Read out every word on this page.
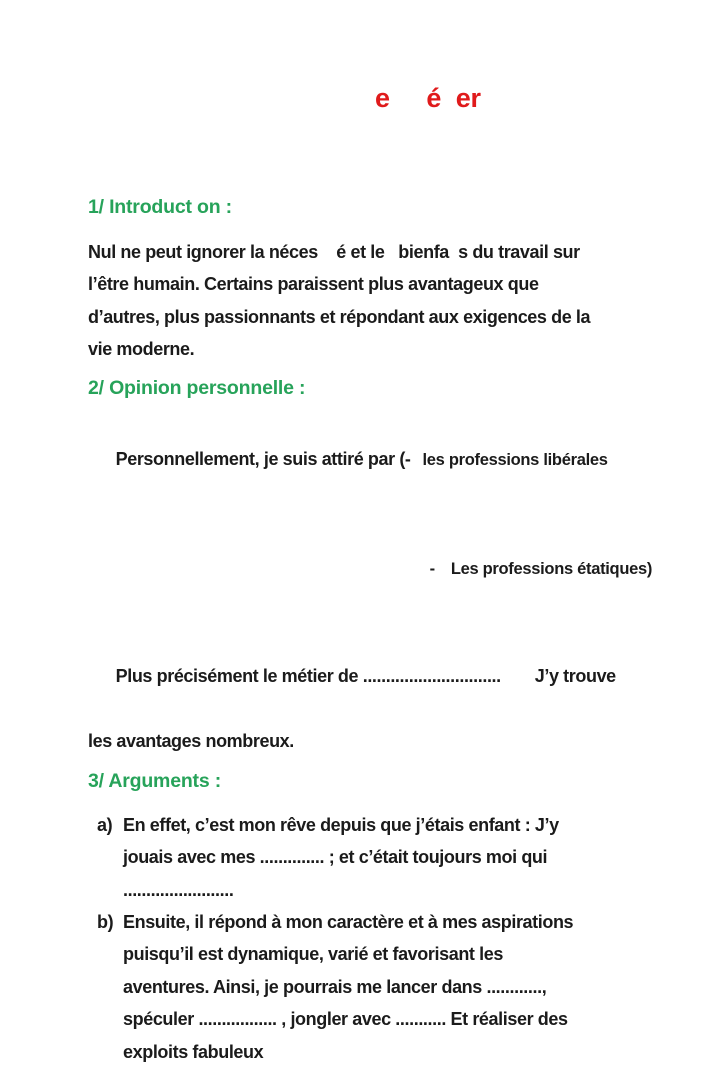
e     é  er
1/ Introduct on :
Nul ne peut ignorer la néces    é et le   bienfa  s du travail sur
l’être humain. Certains paraissent plus avantageux que
d’autres, plus passionnants et répondant aux exigences de la
vie moderne.
2/ Opinion personnelle :

Personnellement, je suis attiré par (- les professions libérales

- Les professions étatiques)

Plus précisément le métier de .............................. J’y trouve

les avantages nombreux.
3/ Arguments :
a) En effet, c’est mon rêve depuis que j’étais enfant : J’y
jouais avec mes .............. ; et c’était toujours moi qui
........................
b) Ensuite, il répond à mon caractère et à mes aspirations
puisqu’il est dynamique, varié et favorisant les
aventures. Ainsi, je pourrais me lancer dans ............,
spéculer ................. , jongler avec ........... Et réaliser des
exploits fabuleux
